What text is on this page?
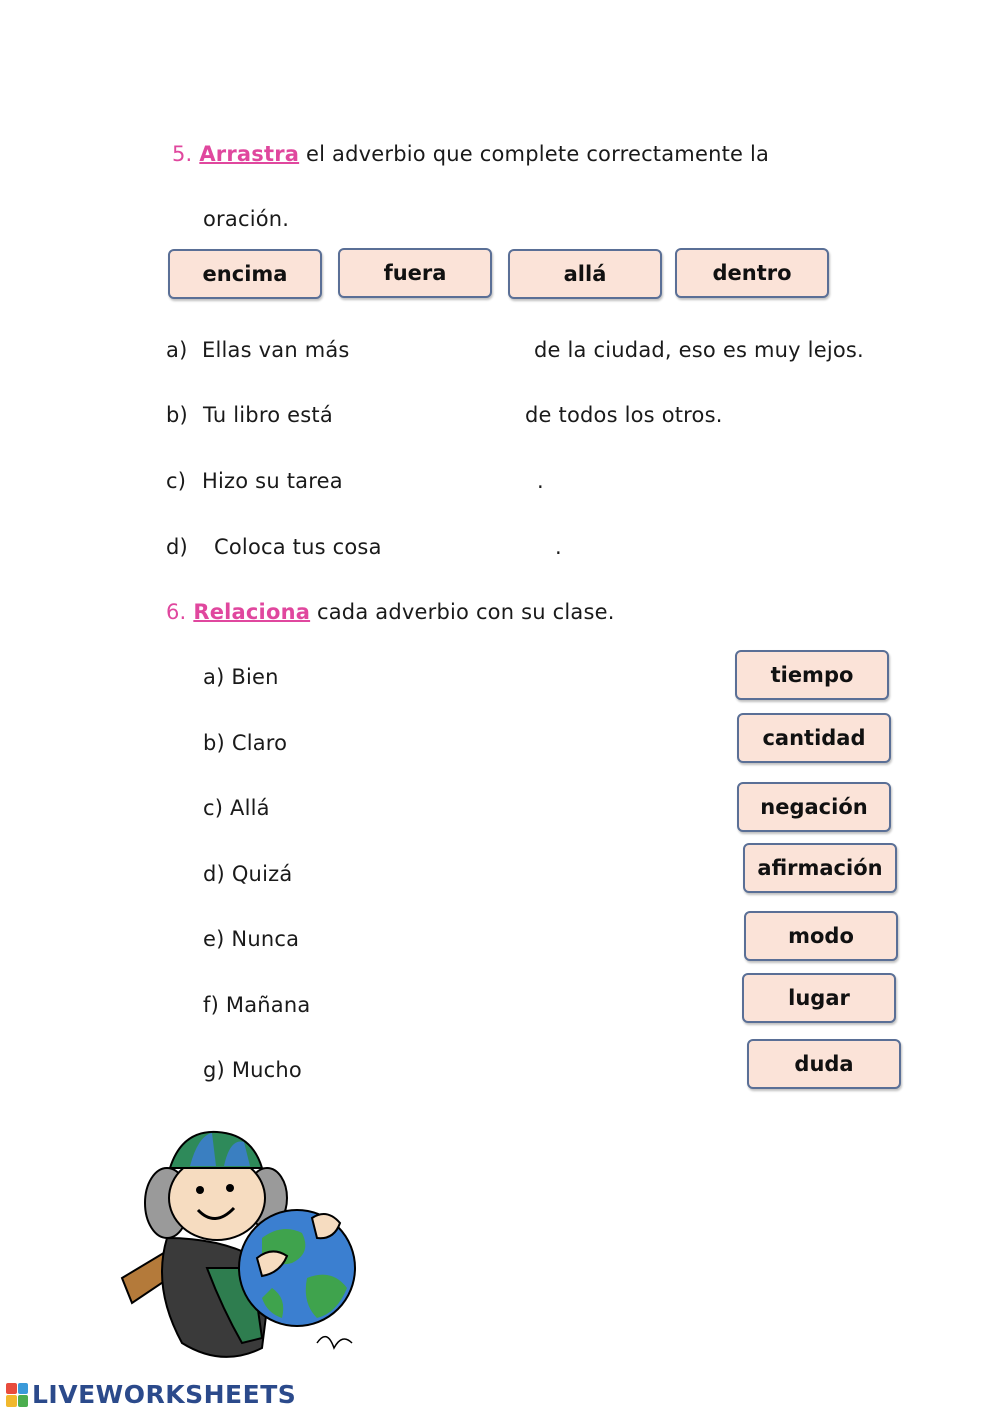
5. Arrastra el adverbio que complete correctamente la
oración.
encima	fuera	allá	dentro
a) Ellas van más	de la ciudad, eso es muy lejos.
b) Tu libro está	de todos los otros.
c) Hizo su tarea	.
d) Coloca tus cosa	.
6. Relaciona cada adverbio con su clase.
a) Bien
b) Claro
c) Allá
d) Quizá
e) Nunca
f) Mañana
g) Mucho
tiempo
cantidad
negación
afirmación
modo
lugar
duda
LIVEWORKSHEETS
